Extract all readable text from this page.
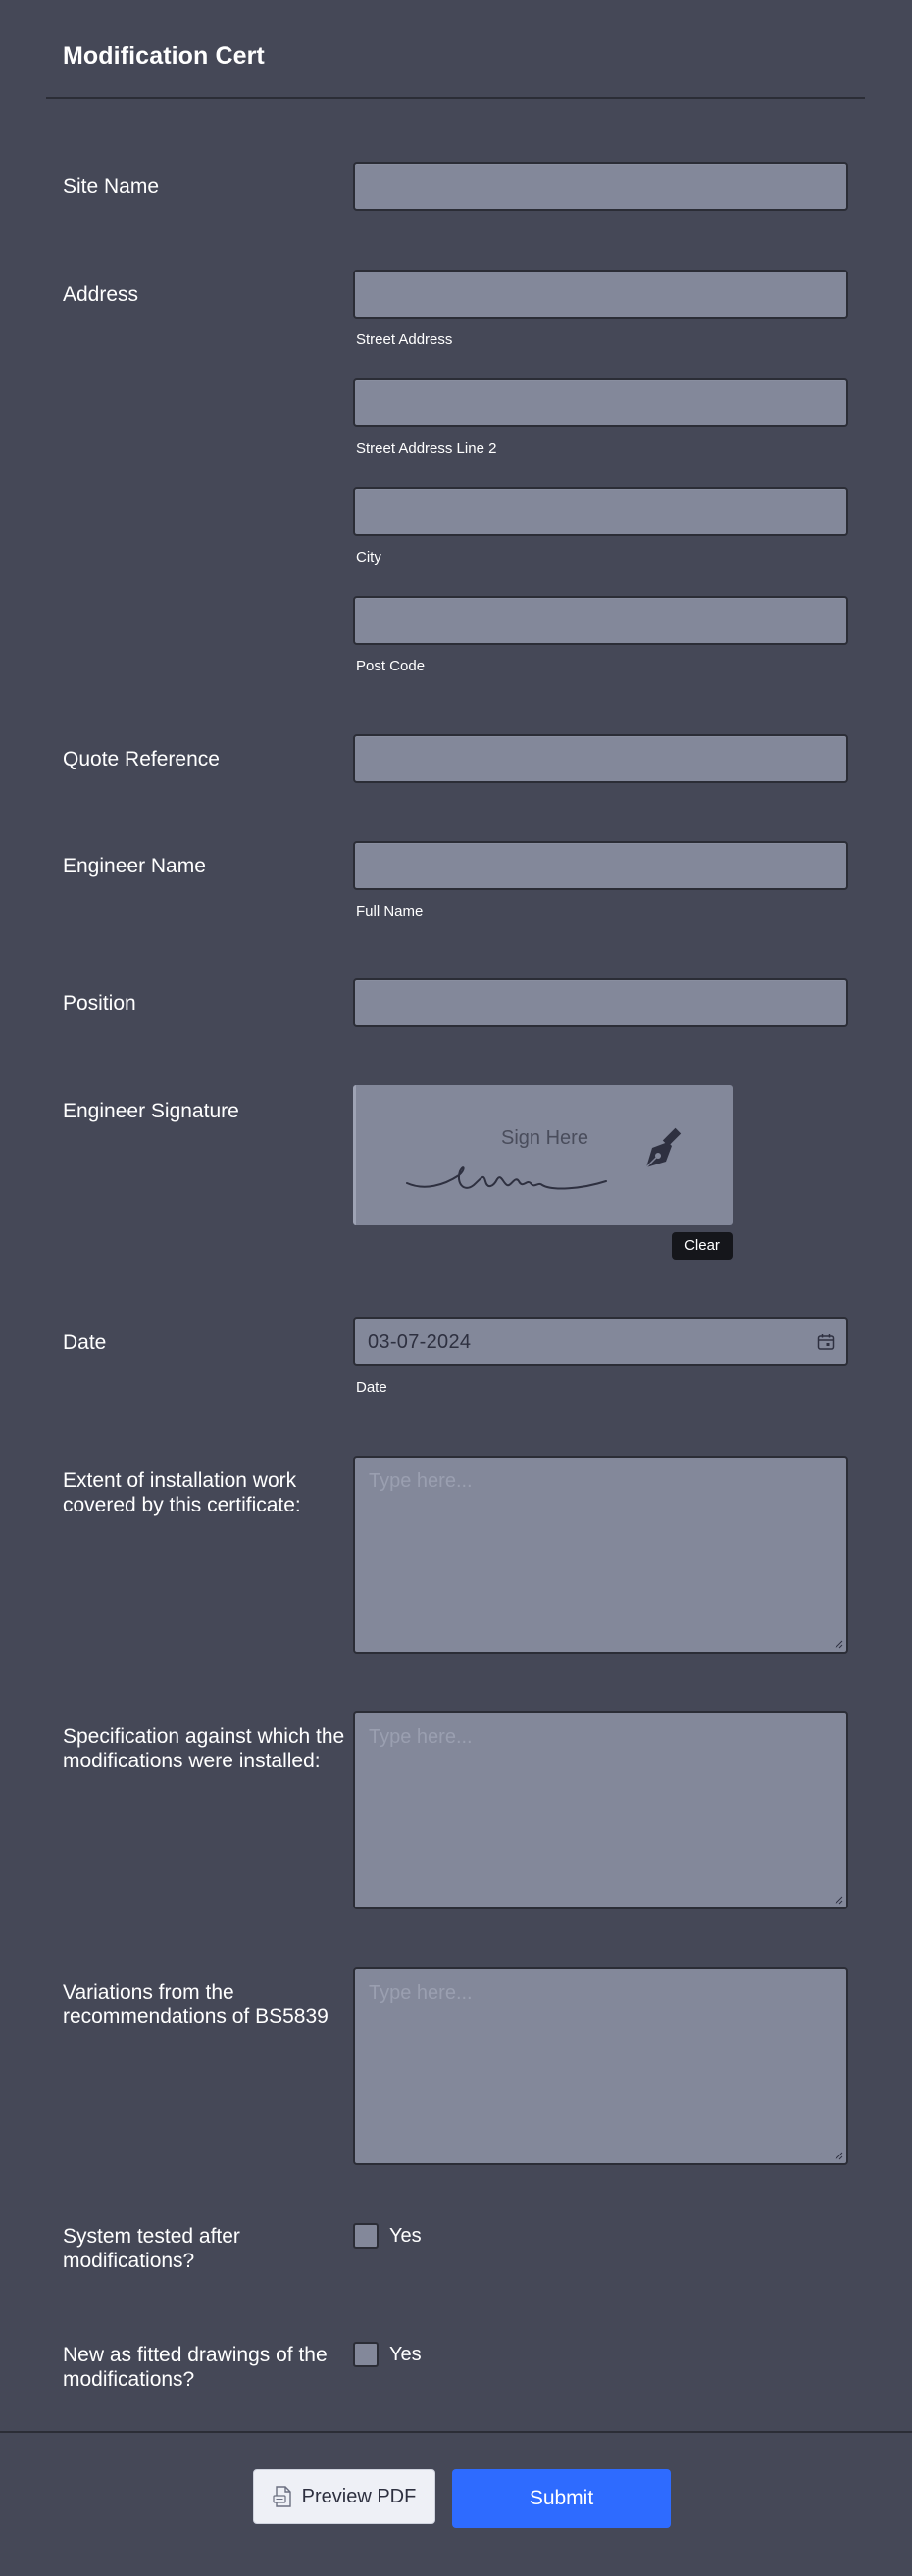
Modification Cert
Site Name
Address
Street Address
Street Address Line 2
City
Post Code
Quote Reference
Engineer Name
Full Name
Position
Engineer Signature
Sign Here
Clear
Date	03-07-2024
Date
Extent of installation work covered by this certificate:
Type here...
Specification against which the modifications were installed:
Type here...
Variations from the recommendations of BS5839
Type here...
System tested after modifications?
Yes
New as fitted drawings of the modifications?
Yes
Preview PDF	Submit
